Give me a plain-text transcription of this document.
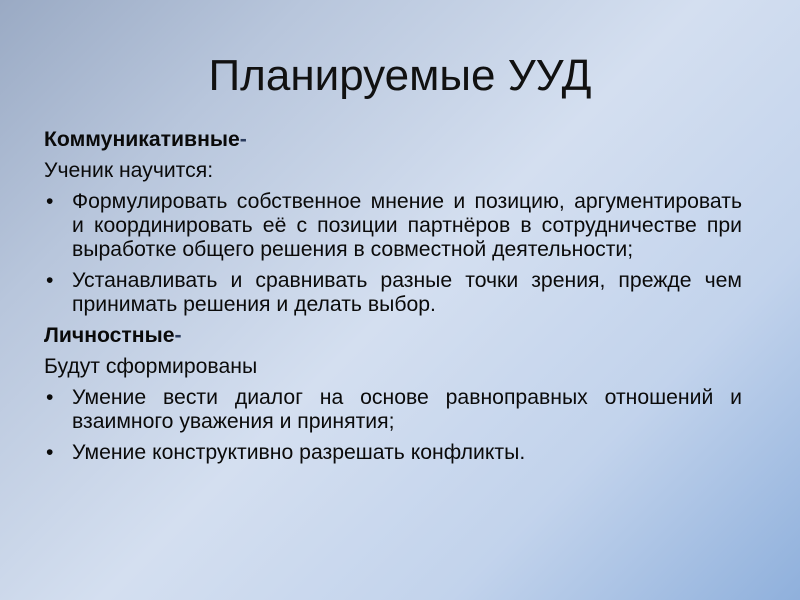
Планируемые УУД
Коммуникативные-
Ученик научится:
• Формулировать собственное мнение и позицию, аргументировать и координировать её с позиции партнёров в сотрудничестве при выработке общего решения в совместной деятельности;
• Устанавливать и сравнивать разные точки зрения, прежде чем принимать решения и делать выбор.
Личностные-
Будут сформированы
• Умение вести диалог на основе равноправных отношений и взаимного уважения и принятия;
• Умение конструктивно разрешать конфликты.
